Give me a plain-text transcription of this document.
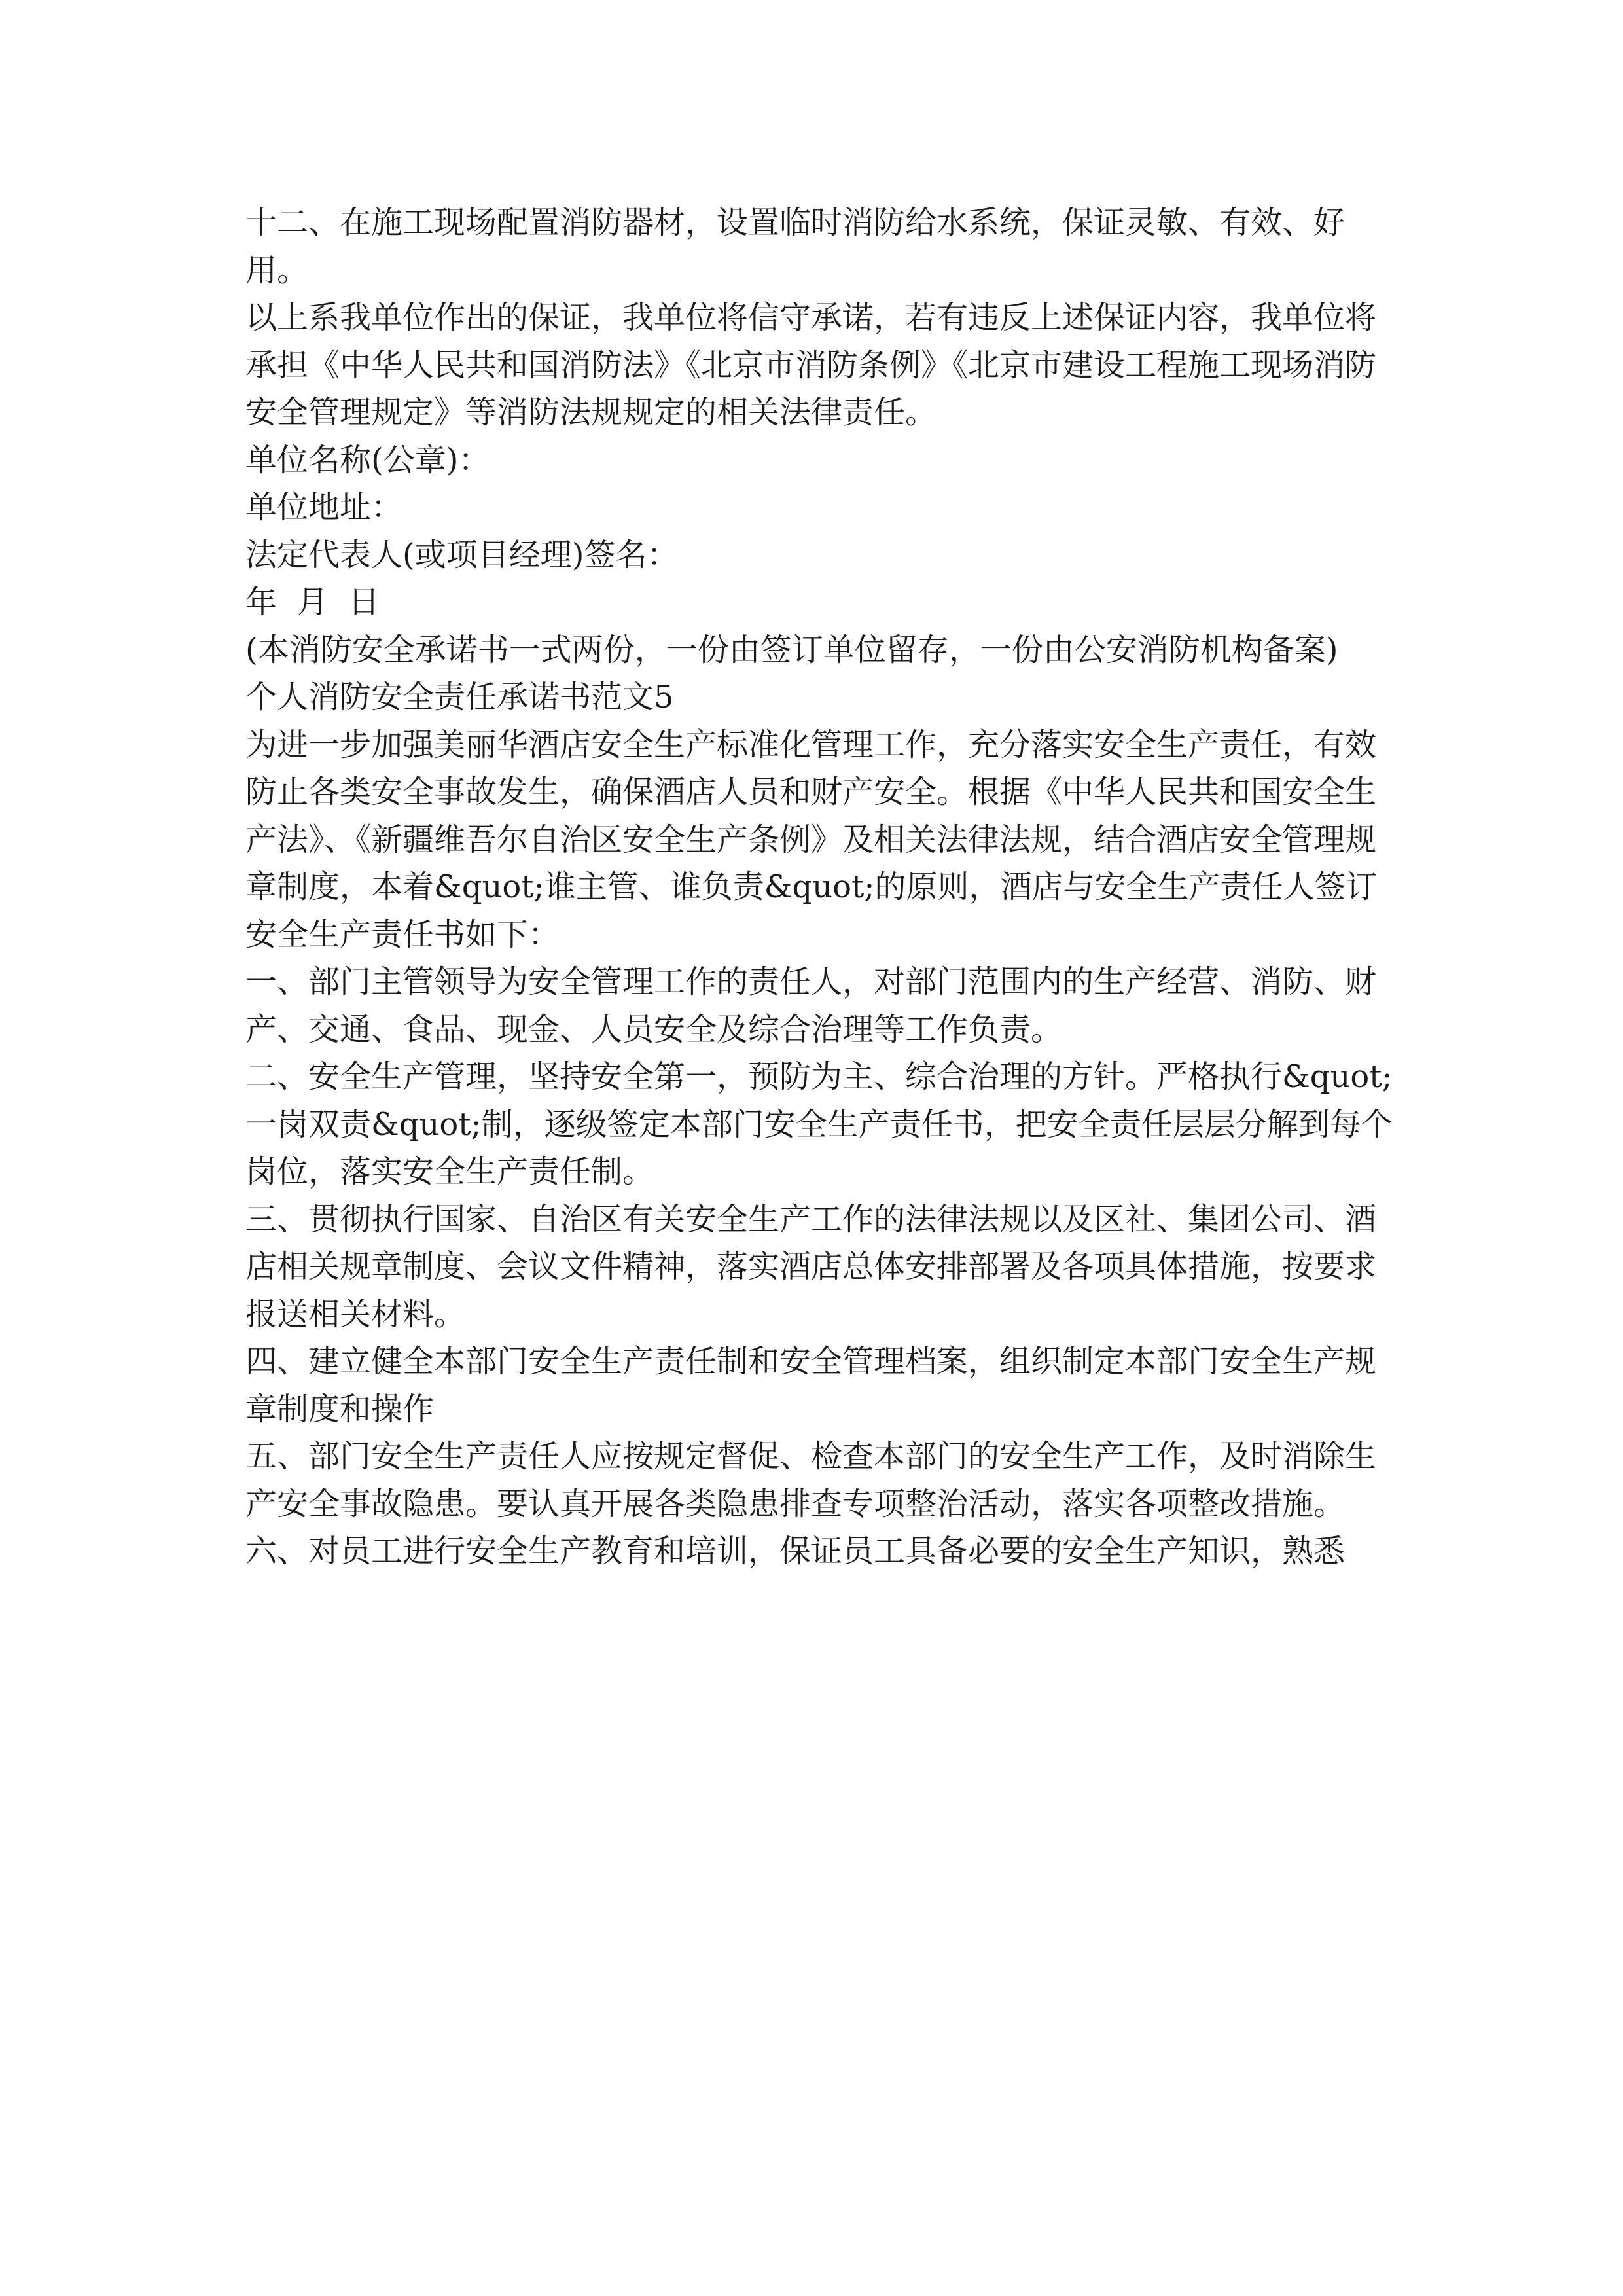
十二、在施工现场配置消防器材，设置临时消防给水系统，保证灵敏、有效、好用。

以上系我单位作出的保证，我单位将信守承诺，若有违反上述保证内容，我单位将承担《中华人民共和国消防法》《北京市消防条例》《北京市建设工程施工现场消防安全管理规定》等消防法规规定的相关法律责任。

单位名称(公章)：

单位地址：

法定代表人(或项目经理)签名：

年  月  日

(本消防安全承诺书一式两份，一份由签订单位留存，一份由公安消防机构备案)

个人消防安全责任承诺书范文5

为进一步加强美丽华酒店安全生产标准化管理工作，充分落实安全生产责任，有效防止各类安全事故发生，确保酒店人员和财产安全。根据《中华人民共和国安全生产法》、《新疆维吾尔自治区安全生产条例》及相关法律法规，结合酒店安全管理规章制度，本着&quot;谁主管、谁负责&quot;的原则，酒店与安全生产责任人签订安全生产责任书如下：

一、部门主管领导为安全管理工作的责任人，对部门范围内的生产经营、消防、财产、交通、食品、现金、人员安全及综合治理等工作负责。

二、安全生产管理，坚持安全第一，预防为主、综合治理的方针。严格执行&quot;一岗双责&quot;制，逐级签定本部门安全生产责任书，把安全责任层层分解到每个岗位，落实安全生产责任制。

三、贯彻执行国家、自治区有关安全生产工作的法律法规以及区社、集团公司、酒店相关规章制度、会议文件精神，落实酒店总体安排部署及各项具体措施，按要求报送相关材料。

四、建立健全本部门安全生产责任制和安全管理档案，组织制定本部门安全生产规章制度和操作

五、部门安全生产责任人应按规定督促、检查本部门的安全生产工作，及时消除生产安全事故隐患。要认真开展各类隐患排查专项整治活动，落实各项整改措施。

六、对员工进行安全生产教育和培训，保证员工具备必要的安全生产知识，熟悉
